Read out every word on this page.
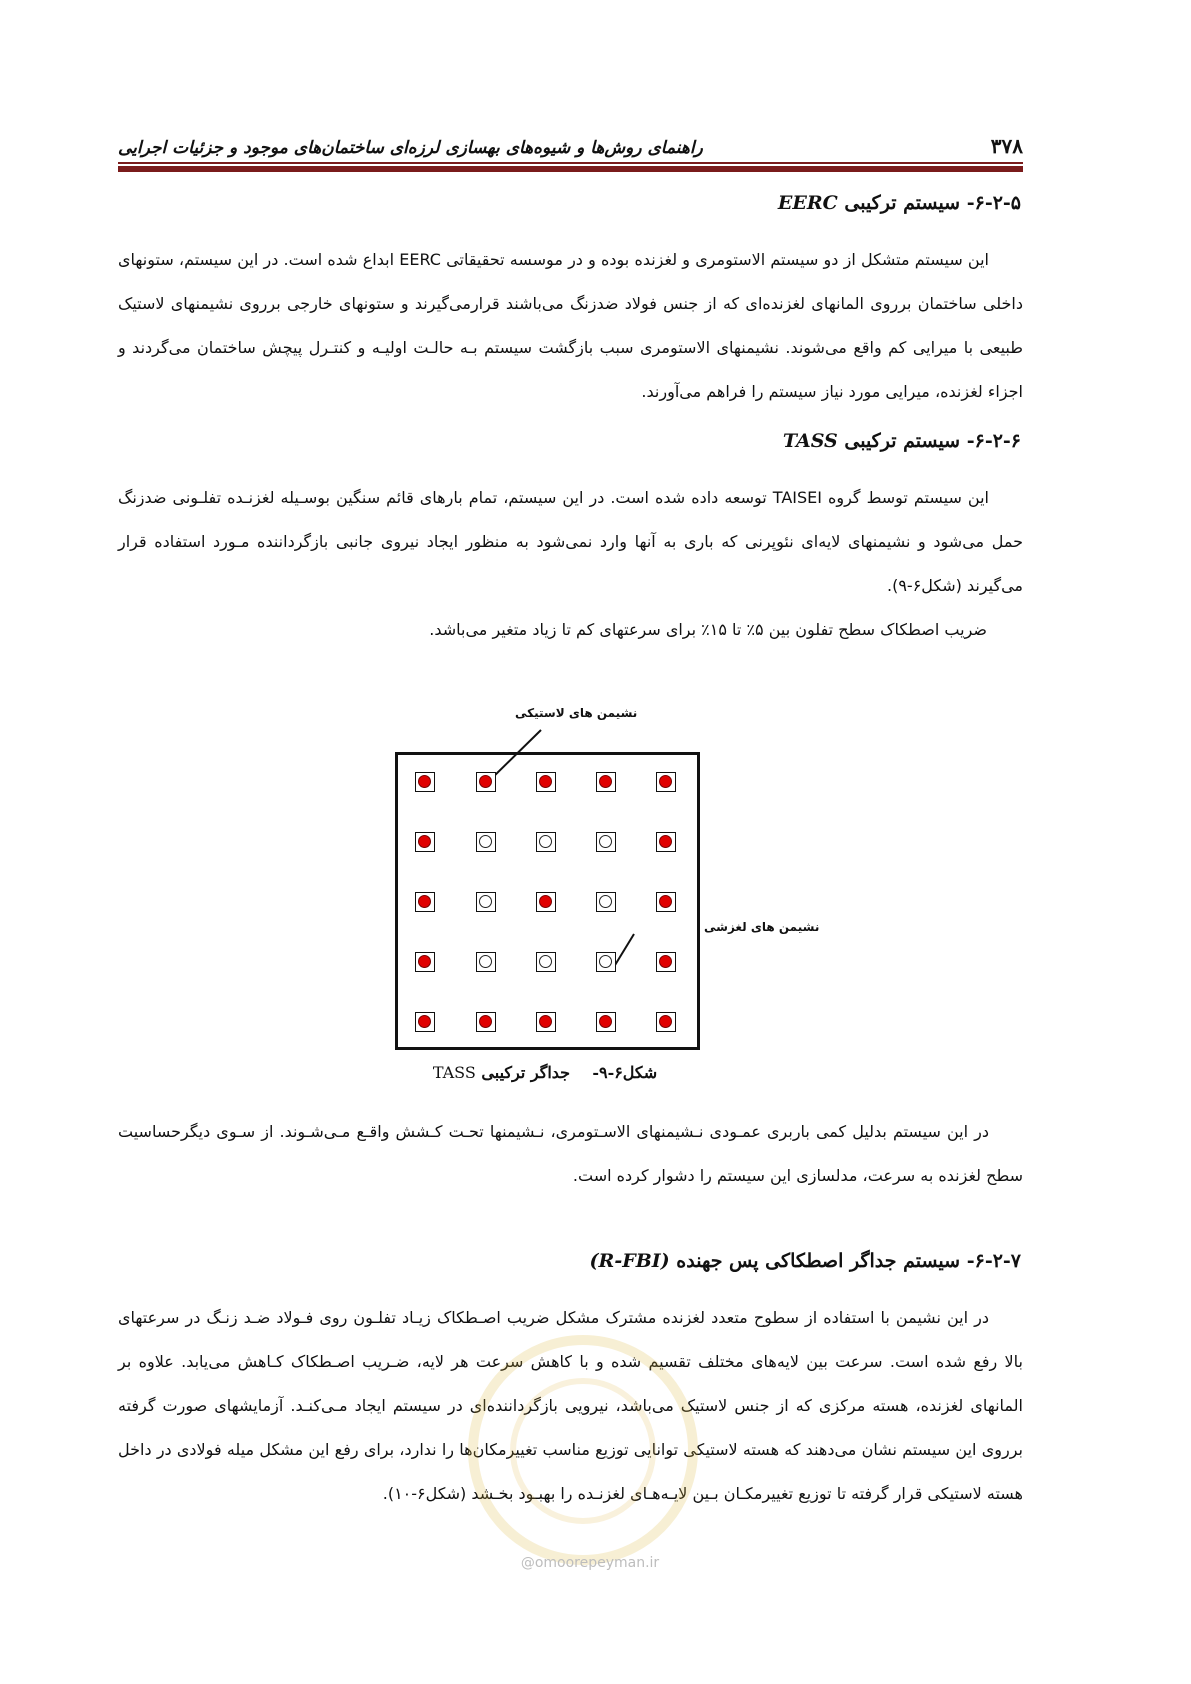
راهنمای روش‌ها و شیوه‌های بهسازی لرزه‌ای ساختمان‌های موجود و جزئیات اجرایی	۳۷۸
۶-۲-۵- سیستم ترکیبی EERC
این سیستم متشکل از دو سیستم الاستومری و لغزنده بوده و در موسسه تحقیقاتی EERC ابداع شده است. در این سیستم، ستونهای داخلی ساختمان برروی المانهای لغزنده‌ای که از جنس فولاد ضدزنگ می‌باشند قرارمی‌گیرند و ستونهای خارجی برروی نشیمنهای لاستیک طبیعی با میرایی کم واقع می‌شوند. نشیمنهای الاستومری سبب بازگشت سیستم بـه حالـت اولیـه و کنتـرل پیچش ساختمان می‌گردند و اجزاء لغزنده، میرایی مورد نیاز سیستم را فراهم می‌آورند.
۶-۲-۶- سیستم ترکیبی TASS
این سیستم توسط گروه TAISEI توسعه داده شده است. در این سیستم، تمام بارهای قائم سنگین بوسـیله لغزنـده تفلـونی ضدزنگ حمل می‌شود و نشیمنهای لایه‌ای نئوپرنی که باری به آنها وارد نمی‌شود به منظور ایجاد نیروی جانبی بازگرداننده مـورد استفاده قرار می‌گیرند (شکل۶-۹).
ضریب اصطکاک سطح تفلون بین ۵٪ تا ۱۵٪ برای سرعتهای کم تا زیاد متغیر می‌باشد.
نشیمن های لاستیکی
نشیمن های لغزشی
شکل۶-۹-    جداگر ترکیبی TASS
در این سیستم بدلیل کمی باربری عمـودی نـشیمنهای الاسـتومری، نـشیمنها تحـت کـشش واقـع مـی‌شـوند. از سـوی دیگرحساسیت سطح لغزنده به سرعت، مدلسازی این سیستم را دشوار کرده است.
۶-۲-۷- سیستم جداگر اصطکاکی پس جهنده (R-FBI)
در این نشیمن با استفاده از سطوح متعدد لغزنده مشترک مشکل ضریب اصـطکاک زیـاد تفلـون روی فـولاد ضـد زنـگ در سرعتهای بالا رفع شده است. سرعت بین لایه‌های مختلف تقسیم شده و با کاهش سرعت هر لایه، ضـریب اصـطکاک کـاهش می‌یابد. علاوه بر المانهای لغزنده، هسته مرکزی که از جنس لاستیک می‌باشد، نیرویی بازگرداننده‌ای در سیستم ایجاد مـی‌کنـد. آزمایشهای صورت گرفته برروی این سیستم نشان می‌دهند که هسته لاستیکی توانایی توزیع مناسب تغییرمکان‌ها را ندارد، برای رفع این مشکل میله فولادی در داخل هسته لاستیکی قرار گرفته تا توزیع تغییرمکـان بـین لایـه‌هـای لغزنـده را بهبـود بخـشد (شکل۶-۱۰).
@omoorepeyman.ir
